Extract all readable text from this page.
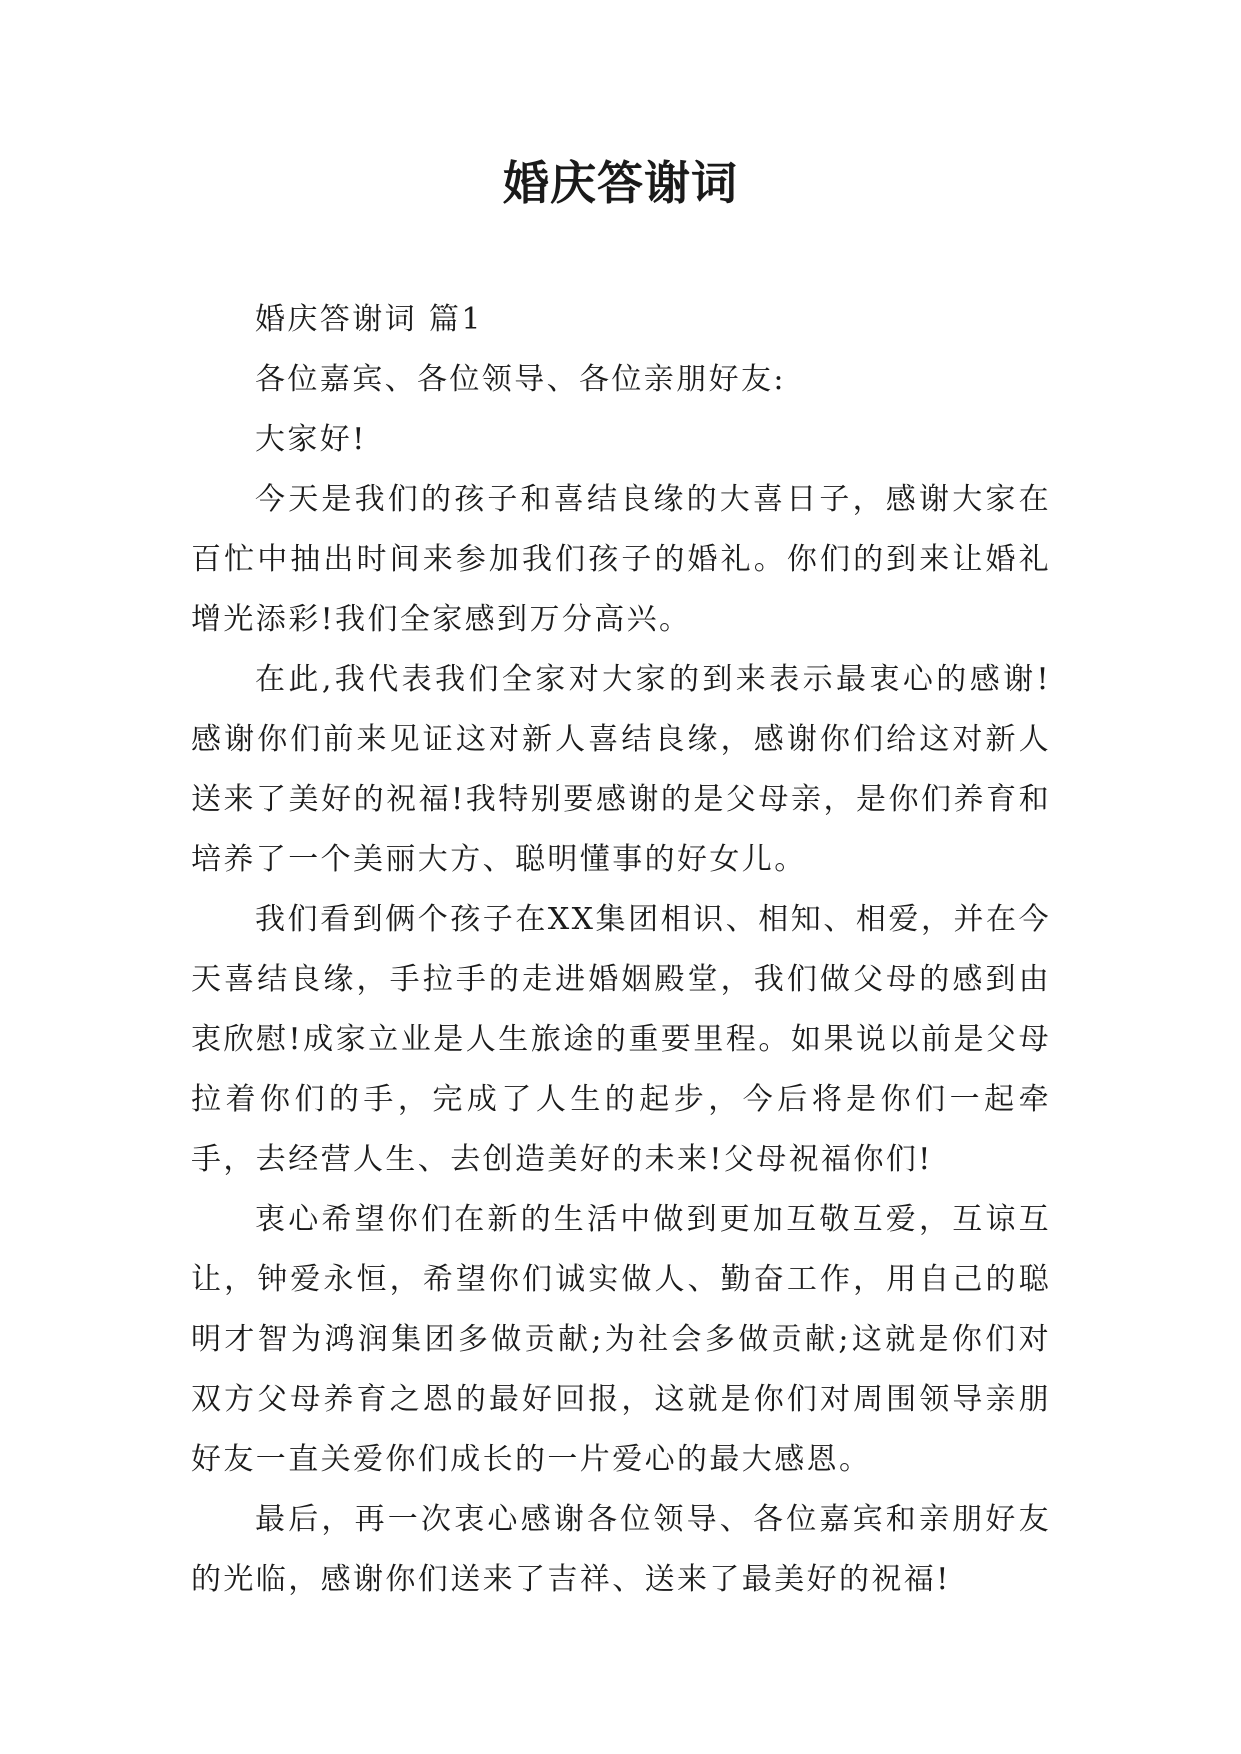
婚庆答谢词

婚庆答谢词 篇1

各位嘉宾、各位领导、各位亲朋好友:

大家好!

今天是我们的孩子和喜结良缘的大喜日子，感谢大家在百忙中抽出时间来参加我们孩子的婚礼。你们的到来让婚礼增光添彩!我们全家感到万分高兴。

在此,我代表我们全家对大家的到来表示最衷心的感谢!感谢你们前来见证这对新人喜结良缘，感谢你们给这对新人送来了美好的祝福!我特别要感谢的是父母亲，是你们养育和培养了一个美丽大方、聪明懂事的好女儿。

我们看到俩个孩子在XX集团相识、相知、相爱，并在今天喜结良缘，手拉手的走进婚姻殿堂，我们做父母的感到由衷欣慰!成家立业是人生旅途的重要里程。如果说以前是父母拉着你们的手，完成了人生的起步，今后将是你们一起牵手，去经营人生、去创造美好的未来!父母祝福你们!

衷心希望你们在新的生活中做到更加互敬互爱，互谅互让，钟爱永恒，希望你们诚实做人、勤奋工作，用自己的聪明才智为鸿润集团多做贡献;为社会多做贡献;这就是你们对双方父母养育之恩的最好回报，这就是你们对周围领导亲朋好友一直关爱你们成长的一片爱心的最大感恩。

最后，再一次衷心感谢各位领导、各位嘉宾和亲朋好友的光临，感谢你们送来了吉祥、送来了最美好的祝福!
